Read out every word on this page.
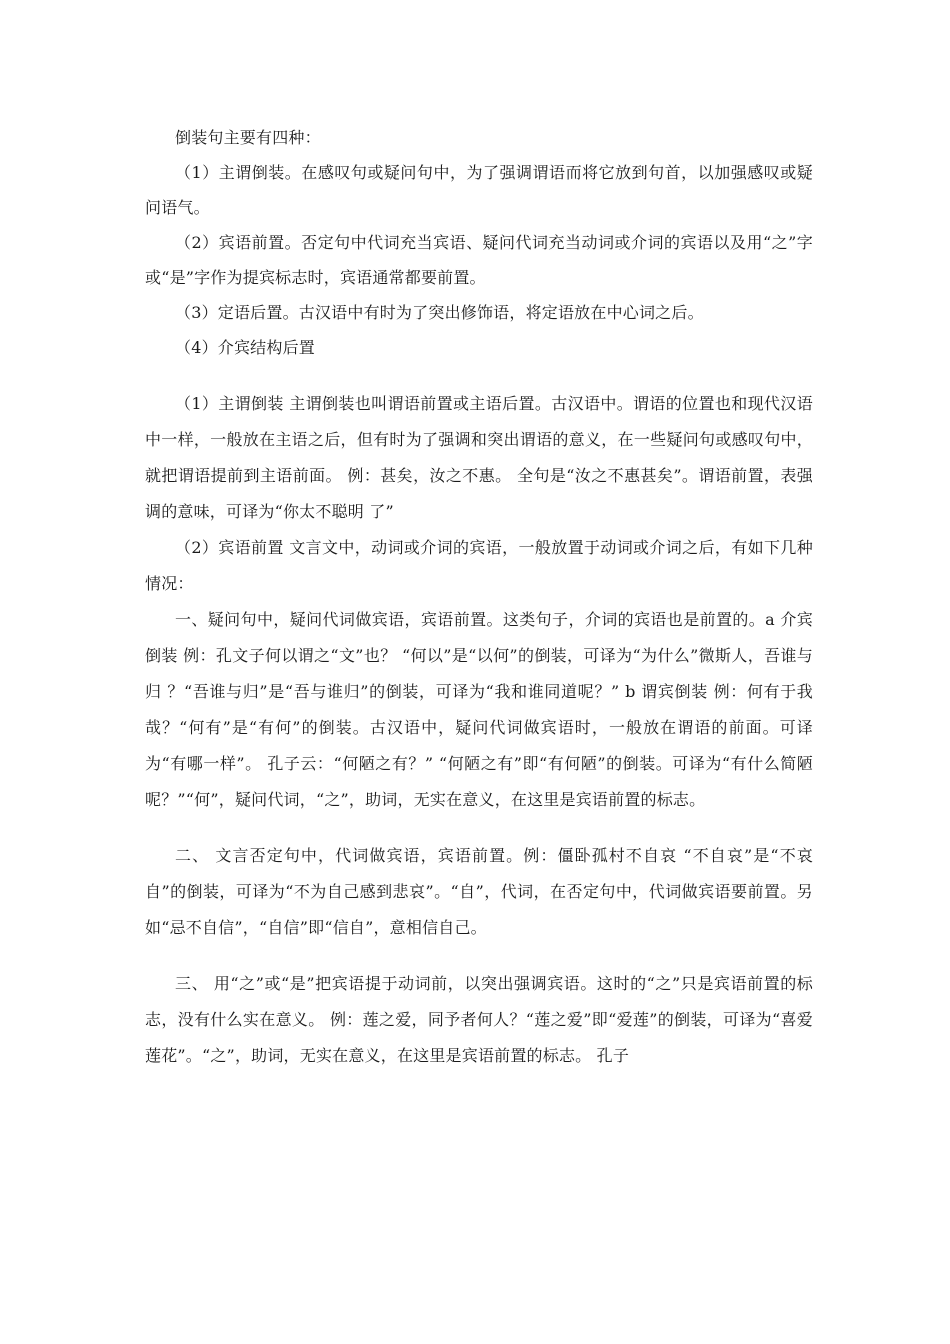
倒装句主要有四种：

（1）主谓倒装。在感叹句或疑问句中，为了强调谓语而将它放到句首，以加强感叹或疑问语气。

（2）宾语前置。否定句中代词充当宾语、疑问代词充当动词或介词的宾语以及用“之”字或“是”字作为提宾标志时，宾语通常都要前置。

（3）定语后置。古汉语中有时为了突出修饰语，将定语放在中心词之后。

（4）介宾结构后置

（1）主谓倒装 主谓倒装也叫谓语前置或主语后置。古汉语中。谓语的位置也和现代汉语中一样，一般放在主语之后，但有时为了强调和突出谓语的意义，在一些疑问句或感叹句中，就把谓语提前到主语前面。 例：甚矣，汝之不惠。 全句是“汝之不惠甚矣”。谓语前置，表强调的意味，可译为“你太不聪明 了”

（2）宾语前置 文言文中，动词或介词的宾语，一般放置于动词或介词之后，有如下几种情况：

一、疑问句中，疑问代词做宾语，宾语前置。这类句子，介词的宾语也是前置的。a 介宾倒装 例：孔文子何以谓之“文”也？ “何以”是“以何”的倒装，可译为“为什么”微斯人，吾谁与归 ？“吾谁与归”是“吾与谁归”的倒装，可译为“我和谁同道呢？” b 谓宾倒装 例：何有于我哉？“何有”是“有何”的倒装。古汉语中，疑问代词做宾语时，一般放在谓语的前面。可译为“有哪一样”。 孔子云：“何陋之有？” “何陋之有”即“有何陋”的倒装。可译为“有什么简陋呢？”“何”，疑问代词，“之”，助词，无实在意义，在这里是宾语前置的标志。

二、 文言否定句中，代词做宾语，宾语前置。例：僵卧孤村不自哀 “不自哀”是“不哀自”的倒装，可译为“不为自己感到悲哀”。“自”，代词，在否定句中，代词做宾语要前置。另如“忌不自信”，“自信”即“信自”，意相信自己。

三、 用“之”或“是”把宾语提于动词前，以突出强调宾语。这时的“之”只是宾语前置的标志，没有什么实在意义。 例：莲之爱，同予者何人？“莲之爱”即“爱莲”的倒装，可译为“喜爱莲花”。“之”，助词，无实在意义，在这里是宾语前置的标志。 孔子
